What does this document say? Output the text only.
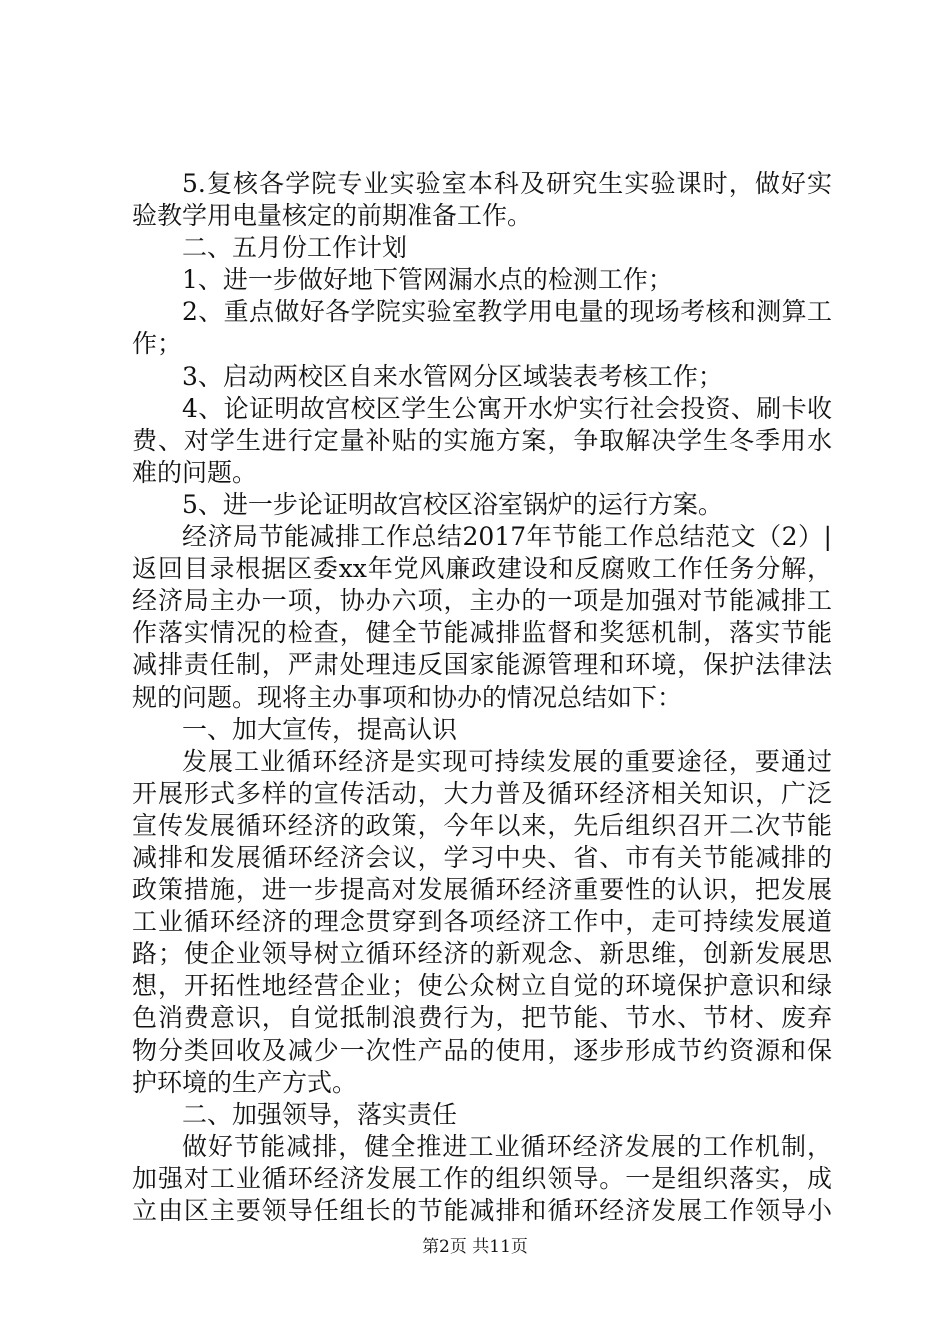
5.复核各学院专业实验室本科及研究生实验课时，做好实
验教学用电量核定的前期准备工作。
二、五月份工作计划
1、进一步做好地下管网漏水点的检测工作；
2、重点做好各学院实验室教学用电量的现场考核和测算工
作；
3、启动两校区自来水管网分区域装表考核工作；
4、论证明故宫校区学生公寓开水炉实行社会投资、刷卡收
费、对学生进行定量补贴的实施方案，争取解决学生冬季用水
难的问题。
5、进一步论证明故宫校区浴室锅炉的运行方案。
经济局节能减排工作总结2017年节能工作总结范文（2）|
返回目录根据区委xx年党风廉政建设和反腐败工作任务分解，
经济局主办一项，协办六项，主办的一项是加强对节能减排工
作落实情况的检查，健全节能减排监督和奖惩机制，落实节能
减排责任制，严肃处理违反国家能源管理和环境，保护法律法
规的问题。现将主办事项和协办的情况总结如下：
一、加大宣传，提高认识
发展工业循环经济是实现可持续发展的重要途径，要通过
开展形式多样的宣传活动，大力普及循环经济相关知识，广泛
宣传发展循环经济的政策，今年以来，先后组织召开二次节能
减排和发展循环经济会议，学习中央、省、市有关节能减排的
政策措施，进一步提高对发展循环经济重要性的认识，把发展
工业循环经济的理念贯穿到各项经济工作中，走可持续发展道
路；使企业领导树立循环经济的新观念、新思维，创新发展思
想，开拓性地经营企业；使公众树立自觉的环境保护意识和绿
色消费意识，自觉抵制浪费行为，把节能、节水、节材、废弃
物分类回收及减少一次性产品的使用，逐步形成节约资源和保
护环境的生产方式。
二、加强领导，落实责任
做好节能减排，健全推进工业循环经济发展的工作机制，
加强对工业循环经济发展工作的组织领导。一是组织落实，成
立由区主要领导任组长的节能减排和循环经济发展工作领导小
第2页 共11页
